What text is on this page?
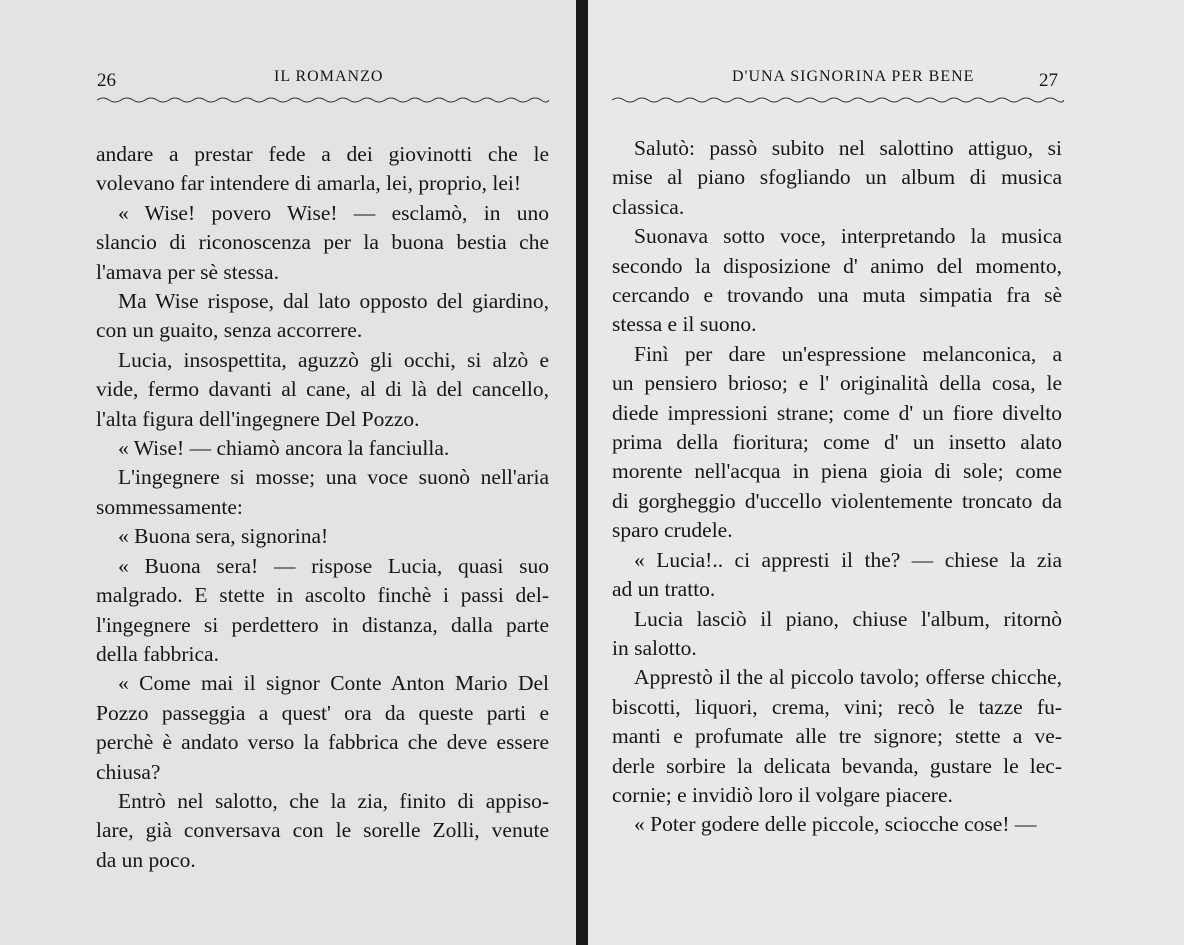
26	IL ROMANZO
andare a prestar fede a dei giovinotti che le
volevano far intendere di amarla, lei, proprio, lei!
« Wise! povero Wise! — esclamò, in uno
slancio di riconoscenza per la buona bestia che
l'amava per sè stessa.
Ma Wise rispose, dal lato opposto del giardino,
con un guaito, senza accorrere.
Lucia, insospettita, aguzzò gli occhi, si alzò e
vide, fermo davanti al cane, al di là del cancello,
l'alta figura dell'ingegnere Del Pozzo.
« Wise! — chiamò ancora la fanciulla.
L'ingegnere si mosse; una voce suonò nell'aria
sommessamente:
« Buona sera, signorina!
« Buona sera! — rispose Lucia, quasi suo
malgrado. E stette in ascolto finchè i passi del-
l'ingegnere si perdettero in distanza, dalla parte
della fabbrica.
« Come mai il signor Conte Anton Mario Del
Pozzo passeggia a quest' ora da queste parti e
perchè è andato verso la fabbrica che deve essere
chiusa?
Entrò nel salotto, che la zia, finito di appiso-
lare, già conversava con le sorelle Zolli, venute
da un poco.
D'UNA SIGNORINA PER BENE	27
Salutò: passò subito nel salottino attiguo, si
mise al piano sfogliando un album di musica
classica.
Suonava sotto voce, interpretando la musica
secondo la disposizione d' animo del momento,
cercando e trovando una muta simpatia fra sè
stessa e il suono.
Finì per dare un'espressione melanconica, a
un pensiero brioso; e l' originalità della cosa, le
diede impressioni strane; come d' un fiore divelto
prima della fioritura; come d' un insetto alato
morente nell'acqua in piena gioia di sole; come
di gorgheggio d'uccello violentemente troncato da
sparo crudele.
« Lucia!.. ci appresti il the? — chiese la zia
ad un tratto.
Lucia lasciò il piano, chiuse l'album, ritornò
in salotto.
Apprestò il the al piccolo tavolo; offerse chicche,
biscotti, liquori, crema, vini; recò le tazze fu-
manti e profumate alle tre signore; stette a ve-
derle sorbire la delicata bevanda, gustare le lec-
cornie; e invidiò loro il volgare piacere.
« Poter godere delle piccole, sciocche cose! —
